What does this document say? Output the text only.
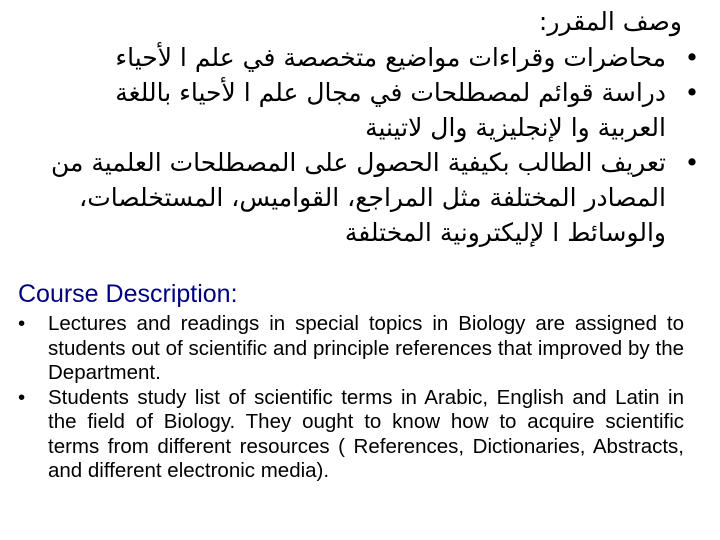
وصف المقرر:
•
محاضرات وقراءات مواضيع متخصصة في علم ا لأحياء
•
دراسة قوائم لمصطلحات في مجال علم ا لأحياء باللغة
العربية وا لإنجليزية وال لاتينية
•
تعريف الطالب بكيفية الحصول على المصطلحات العلمية من
المصادر المختلفة مثل المراجع، القواميس، المستخلصات،
والوسائط ا لإليكترونية المختلفة
Course Description:
•	Lectures and readings in special topics in Biology are assigned to students out of scientific and principle references that improved by the Department.
•	Students study list of scientific terms in Arabic, English and Latin in the field of Biology. They ought to know how to acquire scientific terms from different resources ( References, Dictionaries, Abstracts, and different electronic media).
